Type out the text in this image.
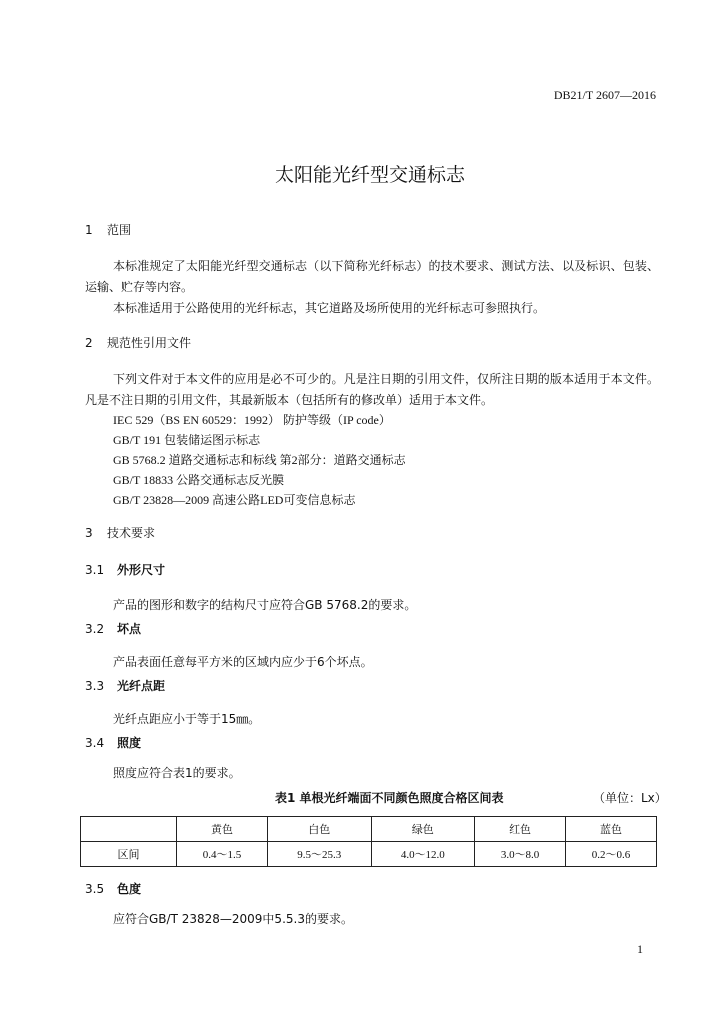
DB21/T 2607—2016
太阳能光纤型交通标志
1 范围
本标准规定了太阳能光纤型交通标志（以下简称光纤标志）的技术要求、测试方法、以及标识、包装、运输、贮存等内容。
本标准适用于公路使用的光纤标志，其它道路及场所使用的光纤标志可参照执行。
2 规范性引用文件
下列文件对于本文件的应用是必不可少的。凡是注日期的引用文件，仅所注日期的版本适用于本文件。凡是不注日期的引用文件，其最新版本（包括所有的修改单）适用于本文件。
IEC 529（BS EN 60529：1992） 防护等级（IP code）
GB/T 191 包装储运图示标志
GB 5768.2 道路交通标志和标线 第2部分：道路交通标志
GB/T 18833 公路交通标志反光膜
GB/T 23828—2009 高速公路LED可变信息标志
3 技术要求
3.1 外形尺寸
产品的图形和数字的结构尺寸应符合GB 5768.2的要求。
3.2 坏点
产品表面任意每平方米的区域内应少于6个坏点。
3.3 光纤点距
光纤点距应小于等于15㎜。
3.4 照度
照度应符合表1的要求。
表1 单根光纤端面不同颜色照度合格区间表	（单位：Lx）
	黄色	白色	绿色	红色	蓝色
区间	0.4～1.5	9.5～25.3	4.0～12.0	3.0～8.0	0.2～0.6
3.5 色度
应符合GB/T 23828—2009中5.5.3的要求。
1
